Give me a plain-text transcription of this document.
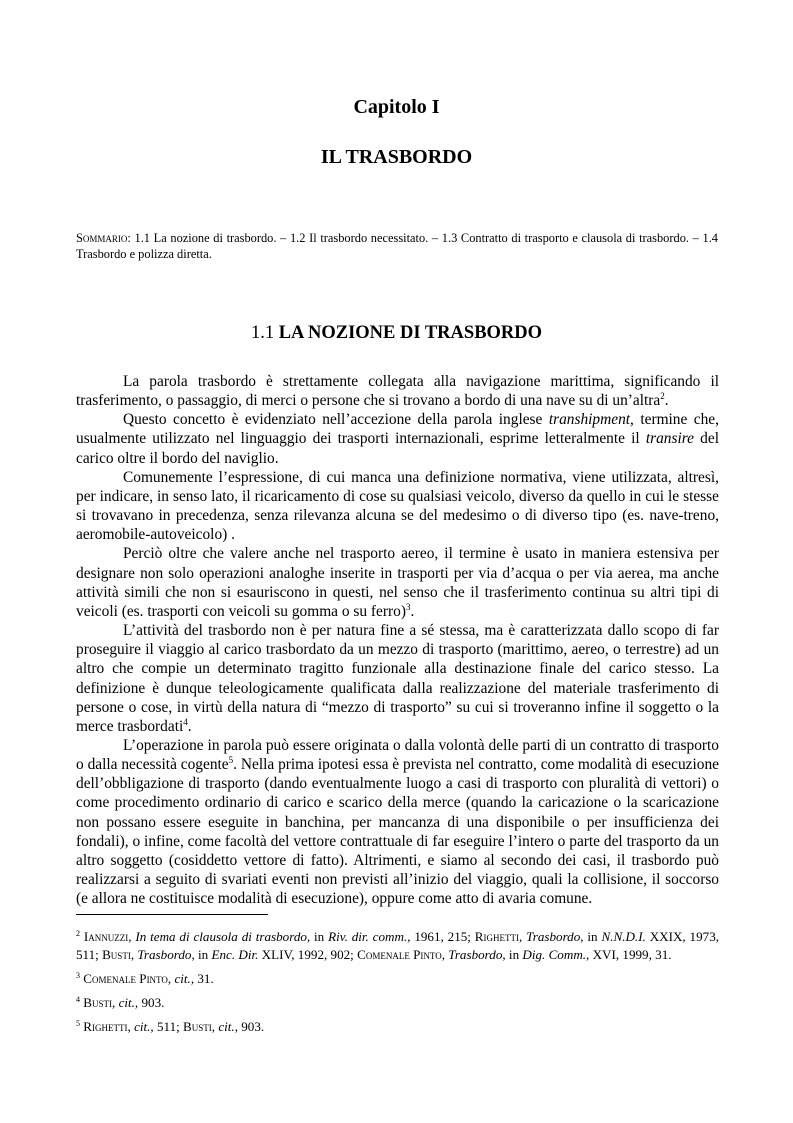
Capitolo I
IL TRASBORDO
Sommario: 1.1 La nozione di trasbordo. – 1.2 Il trasbordo necessitato. – 1.3 Contratto di trasporto e clausola di trasbordo. – 1.4 Trasbordo e polizza diretta.
1.1 LA NOZIONE DI TRASBORDO

La parola trasbordo è strettamente collegata alla navigazione marittima, significando il trasferimento, o passaggio, di merci o persone che si trovano a bordo di una nave su di un’altra$^2$.

Questo concetto è evidenziato nell’accezione della parola inglese transhipment, termine che, usualmente utilizzato nel linguaggio dei trasporti internazionali, esprime letteralmente il transire del carico oltre il bordo del naviglio.

Comunemente l’espressione, di cui manca una definizione normativa, viene utilizzata, altresì, per indicare, in senso lato, il ricaricamento di cose su qualsiasi veicolo, diverso da quello in cui le stesse si trovavano in precedenza, senza rilevanza alcuna se del medesimo o di diverso tipo (es. nave-treno, aeromobile-autoveicolo) .

Perciò oltre che valere anche nel trasporto aereo, il termine è usato in maniera estensiva per designare non solo operazioni analoghe inserite in trasporti per via d’acqua o per via aerea, ma anche attività simili che non si esauriscono in questi, nel senso che il trasferimento continua su altri tipi di veicoli (es. trasporti con veicoli su gomma o su ferro)$^3$.

L’attività del trasbordo non è per natura fine a sé stessa, ma è caratterizzata dallo scopo di far proseguire il viaggio al carico trasbordato da un mezzo di trasporto (marittimo, aereo, o terrestre) ad un altro che compie un determinato tragitto funzionale alla destinazione finale del carico stesso. La definizione è dunque teleologicamente qualificata dalla realizzazione del materiale trasferimento di persone o cose, in virtù della natura di “mezzo di trasporto” su cui si troveranno infine il soggetto o la merce trasbordati$^4$.

L’operazione in parola può essere originata o dalla volontà delle parti di un contratto di trasporto o dalla necessità cogente$^5$. Nella prima ipotesi essa è prevista nel contratto, come modalità di esecuzione dell’obbligazione di trasporto (dando eventualmente luogo a casi di trasporto con pluralità di vettori) o come procedimento ordinario di carico e scarico della merce (quando la caricazione o la scaricazione non possano essere eseguite in banchina, per mancanza di una disponibile o per insufficienza dei fondali), o infine, come facoltà del vettore contrattuale di far eseguire l’intero o parte del trasporto da un altro soggetto (cosiddetto vettore di fatto). Altrimenti, e siamo al secondo dei casi, il trasbordo può realizzarsi a seguito di svariati eventi non previsti all’inizio del viaggio, quali la collisione, il soccorso (e allora ne costituisce modalità di esecuzione), oppure come atto di avaria comune.

$^2$ Iannuzzi, In tema di clausola di trasbordo, in Riv. dir. comm., 1961, 215; Righetti, Trasbordo, in N.N.D.I. XXIX, 1973, 511; Busti, Trasbordo, in Enc. Dir. XLIV, 1992, 902; Comenale Pinto, Trasbordo, in Dig. Comm., XVI, 1999, 31.

$^3$ Comenale Pinto, cit., 31.

$^4$ Busti, cit., 903.

$^5$ Righetti, cit., 511; Busti, cit., 903.
